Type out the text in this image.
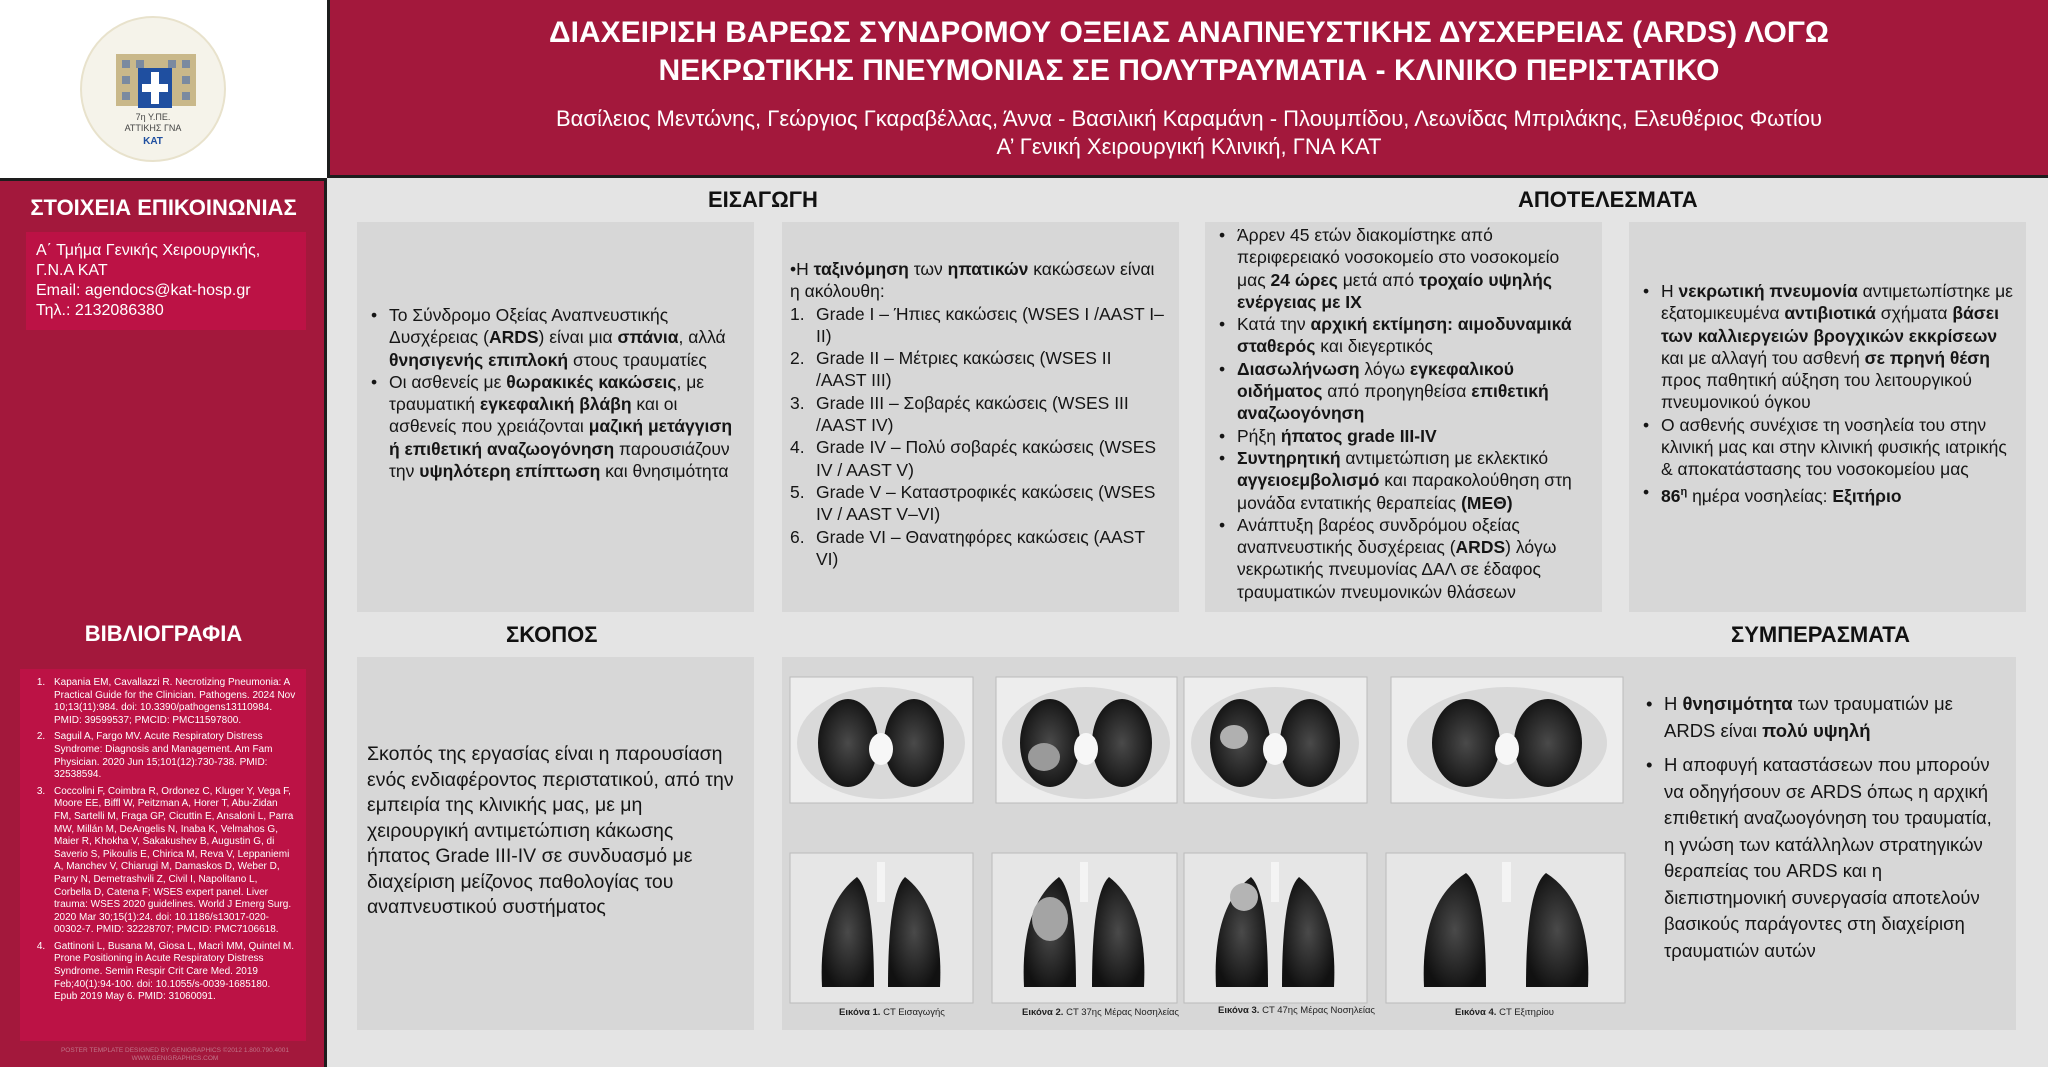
7η Υ.ΠΕ.
ΑΤΤΙΚΗΣ ΓΝΑ
ΚΑΤ
ΔΙΑΧΕΙΡΙΣΗ ΒΑΡΕΩΣ ΣΥΝΔΡΟΜΟΥ ΟΞΕΙΑΣ ΑΝΑΠΝΕΥΣΤΙΚΗΣ ΔΥΣΧΕΡΕΙΑΣ (ARDS) ΛΟΓΩ
ΝΕΚΡΩΤΙΚΗΣ ΠΝΕΥΜΟΝΙΑΣ ΣΕ ΠΟΛΥΤΡΑΥΜΑΤΙΑ - ΚΛΙΝΙΚΟ ΠΕΡΙΣΤΑΤΙΚΟ
Βασίλειος Μεντώνης, Γεώργιος Γκαραβέλλας, Άννα - Βασιλική Καραμάνη - Πλουμπίδου, Λεωνίδας Μπριλάκης, Ελευθέριος Φωτίου
Α’ Γενική Χειρουργική Κλινική, ΓΝΑ ΚΑΤ
ΣΤΟΙΧΕΙΑ ΕΠΙΚΟΙΝΩΝΙΑΣ
Α΄ Τμήμα Γενικής Χειρουργικής,
Γ.Ν.Α ΚΑΤ
Email: agendocs@kat-hosp.gr
Τηλ.: 2132086380
ΒΙΒΛΙΟΓΡΑΦΙΑ
1. Kapania EM, Cavallazzi R. Necrotizing Pneumonia: A Practical Guide for the Clinician. Pathogens. 2024 Nov 10;13(11):984. doi: 10.3390/pathogens13110984. PMID: 39599537; PMCID: PMC11597800.
2. Saguil A, Fargo MV. Acute Respiratory Distress Syndrome: Diagnosis and Management. Am Fam Physician. 2020 Jun 15;101(12):730-738. PMID: 32538594.
3. Coccolini F, Coimbra R, Ordonez C, Kluger Y, Vega F, Moore EE, Biffl W, Peitzman A, Horer T, Abu-Zidan FM, Sartelli M, Fraga GP, Cicuttin E, Ansaloni L, Parra MW, Millán M, DeAngelis N, Inaba K, Velmahos G, Maier R, Khokha V, Sakakushev B, Augustin G, di Saverio S, Pikoulis E, Chirica M, Reva V, Leppaniemi A, Manchev V, Chiarugi M, Damaskos D, Weber D, Parry N, Demetrashvili Z, Civil I, Napolitano L, Corbella D, Catena F; WSES expert panel. Liver trauma: WSES 2020 guidelines. World J Emerg Surg. 2020 Mar 30;15(1):24. doi: 10.1186/s13017-020-00302-7. PMID: 32228707; PMCID: PMC7106618.
4. Gattinoni L, Busana M, Giosa L, Macrì MM, Quintel M. Prone Positioning in Acute Respiratory Distress Syndrome. Semin Respir Crit Care Med. 2019 Feb;40(1):94-100. doi: 10.1055/s-0039-1685180. Epub 2019 May 6. PMID: 31060091.
POSTER TEMPLATE DESIGNED BY GENIGRAPHICS ©2012 1.800.790.4001 WWW.GENIGRAPHICS.COM
ΕΙΣΑΓΩΓΗ	ΑΠΟΤΕΛΕΣΜΑΤΑ
ΣΚΟΠΟΣ	ΣΥΜΠΕΡΑΣΜΑΤΑ
• Το Σύνδρομο Οξείας Αναπνευστικής Δυσχέρειας (ARDS) είναι μια σπάνια, αλλά θνησιγενής επιπλοκή στους τραυματίες
• Οι ασθενείς με θωρακικές κακώσεις, με τραυματική εγκεφαλική βλάβη και οι ασθενείς που χρειάζονται μαζική μετάγγιση ή επιθετική αναζωογόνηση παρουσιάζουν την υψηλότερη επίπτωση και θνησιμότητα
•Η ταξινόμηση των ηπατικών κακώσεων είναι η ακόλουθη:
1. Grade I – Ήπιες κακώσεις (WSES I /AAST I–II)
2. Grade II – Μέτριες κακώσεις (WSES II /AAST III)
3. Grade III – Σοβαρές κακώσεις (WSES III /AAST IV)
4. Grade IV – Πολύ σοβαρές κακώσεις (WSES IV / AAST V)
5. Grade V – Καταστροφικές κακώσεις (WSES IV / AAST V–VI)
6. Grade VI – Θανατηφόρες κακώσεις (AAST VI)
• Άρρεν 45 ετών διακομίστηκε από περιφερειακό νοσοκομείο στο νοσοκομείο μας 24 ώρες μετά από τροχαίο υψηλής ενέργειας με ΙΧ
• Κατά την αρχική εκτίμηση: αιμοδυναμικά σταθερός και διεγερτικός
• Διασωλήνωση λόγω εγκεφαλικού οιδήματος από προηγηθείσα επιθετική αναζωογόνηση
• Ρήξη ήπατος grade III-IV
• Συντηρητική αντιμετώπιση με εκλεκτικό αγγειοεμβολισμό και παρακολούθηση στη μονάδα εντατικής θεραπείας (ΜΕΘ)
• Ανάπτυξη βαρέος συνδρόμου οξείας αναπνευστικής δυσχέρειας (ARDS) λόγω νεκρωτικής πνευμονίας ΔΑΛ σε έδαφος τραυματικών πνευμονικών θλάσεων
• Η νεκρωτική πνευμονία αντιμετωπίστηκε με εξατομικευμένα αντιβιοτικά σχήματα βάσει των καλλιεργειών βρογχικών εκκρίσεων και με αλλαγή του ασθενή σε πρηνή θέση προς παθητική αύξηση του λειτουργικού πνευμονικού όγκου
• Ο ασθενής συνέχισε τη νοσηλεία του στην κλινική μας και στην κλινική φυσικής ιατρικής & αποκατάστασης του νοσοκομείου μας
• $86^\eta$ ημέρα νοσηλείας: Εξιτήριο
Σκοπός της εργασίας είναι η παρουσίαση ενός ενδιαφέροντος περιστατικού, από την εμπειρία της κλινικής μας, με μη χειρουργική αντιμετώπιση κάκωσης ήπατος Grade III-IV σε συνδυασμό με διαχείριση μείζονος παθολογίας του αναπνευστικού συστήματος
Εικόνα 1. CT Εισαγωγής	Εικόνα 2. CT 37ης Μέρας Νοσηλείας	Εικόνα 3. CT 47ης Μέρας Νοσηλείας	Εικόνα 4. CT Εξιτηρίου
• Η θνησιμότητα των τραυματιών με ARDS είναι πολύ υψηλή
• Η αποφυγή καταστάσεων που μπορούν να οδηγήσουν σε ARDS όπως η αρχική επιθετική αναζωογόνηση του τραυματία, η γνώση των κατάλληλων στρατηγικών θεραπείας του ARDS και η διεπιστημονική συνεργασία αποτελούν βασικούς παράγοντες στη διαχείριση τραυματιών αυτών
